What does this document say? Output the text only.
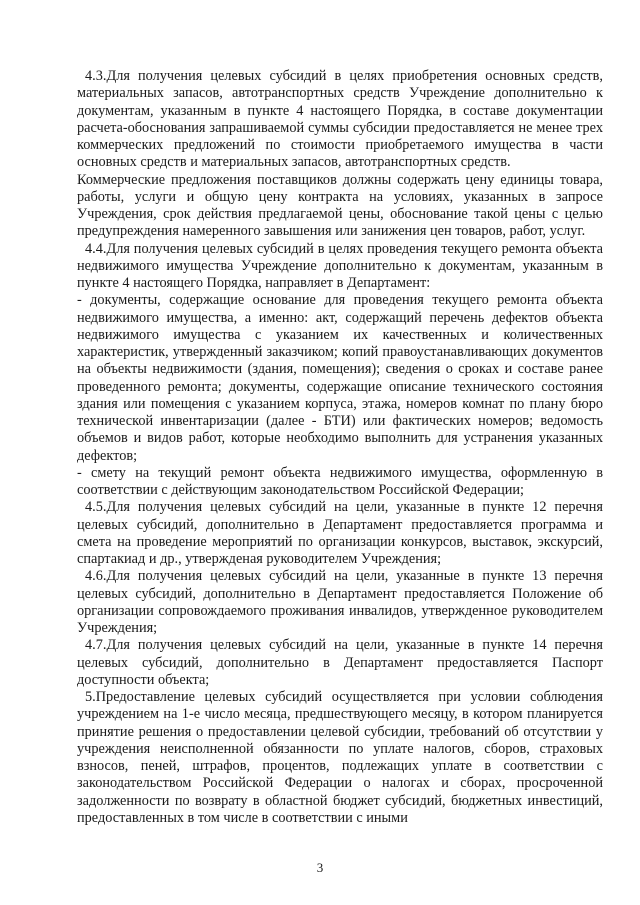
4.3.Для получения целевых субсидий в целях приобретения основных средств, материальных запасов, автотранспортных средств Учреждение дополнительно к документам, указанным в пункте 4 настоящего Порядка, в составе документации расчета-обоснования запрашиваемой суммы субсидии предоставляется не менее трех коммерческих предложений по стоимости приобретаемого имущества в части основных средств и материальных запасов, автотранспортных средств.

Коммерческие предложения поставщиков должны содержать цену единицы товара, работы, услуги и общую цену контракта на условиях, указанных в запросе Учреждения, срок действия предлагаемой цены, обоснование такой цены с целью предупреждения намеренного завышения или занижения цен товаров, работ, услуг.

4.4.Для получения целевых субсидий в целях проведения текущего ремонта объекта недвижимого имущества Учреждение дополнительно к документам, указанным в пункте 4 настоящего Порядка, направляет в Департамент:

- документы, содержащие основание для проведения текущего ремонта объекта недвижимого имущества, а именно: акт, содержащий перечень дефектов объекта недвижимого имущества с указанием их качественных и количественных характеристик, утвержденный заказчиком; копий правоустанавливающих документов на объекты недвижимости (здания, помещения); сведения о сроках и составе ранее проведенного ремонта; документы, содержащие описание технического состояния здания или помещения с указанием корпуса, этажа, номеров комнат по плану бюро технической инвентаризации (далее - БТИ) или фактических номеров; ведомость объемов и видов работ, которые необходимо выполнить для устранения указанных дефектов;

- смету на текущий ремонт объекта недвижимого имущества, оформленную в соответствии с действующим законодательством Российской Федерации;

4.5.Для получения целевых субсидий на цели, указанные в пункте 12 перечня целевых субсидий, дополнительно в Департамент предоставляется программа и смета на проведение мероприятий по организации конкурсов, выставок, экскурсий, спартакиад и др., утвержденая руководителем Учреждения;

4.6.Для получения целевых субсидий на цели, указанные в пункте 13 перечня целевых субсидий, дополнительно в Департамент предоставляется Положение об организации сопровождаемого проживания инвалидов, утвержденное руководителем Учреждения;

4.7.Для получения целевых субсидий на цели, указанные в пункте 14 перечня целевых субсидий, дополнительно в Департамент предоставляется Паспорт доступности объекта;

5.Предоставление целевых субсидий осуществляется при условии соблюдения учреждением на 1-е число месяца, предшествующего месяцу, в котором планируется принятие решения о предоставлении целевой субсидии, требований об отсутствии у учреждения неисполненной обязанности по уплате налогов, сборов, страховых взносов, пеней, штрафов, процентов, подлежащих уплате в соответствии с законодательством Российской Федерации о налогах и сборах, просроченной задолженности по возврату в областной бюджет субсидий, бюджетных инвестиций, предоставленных в том числе в соответствии с иными

3
